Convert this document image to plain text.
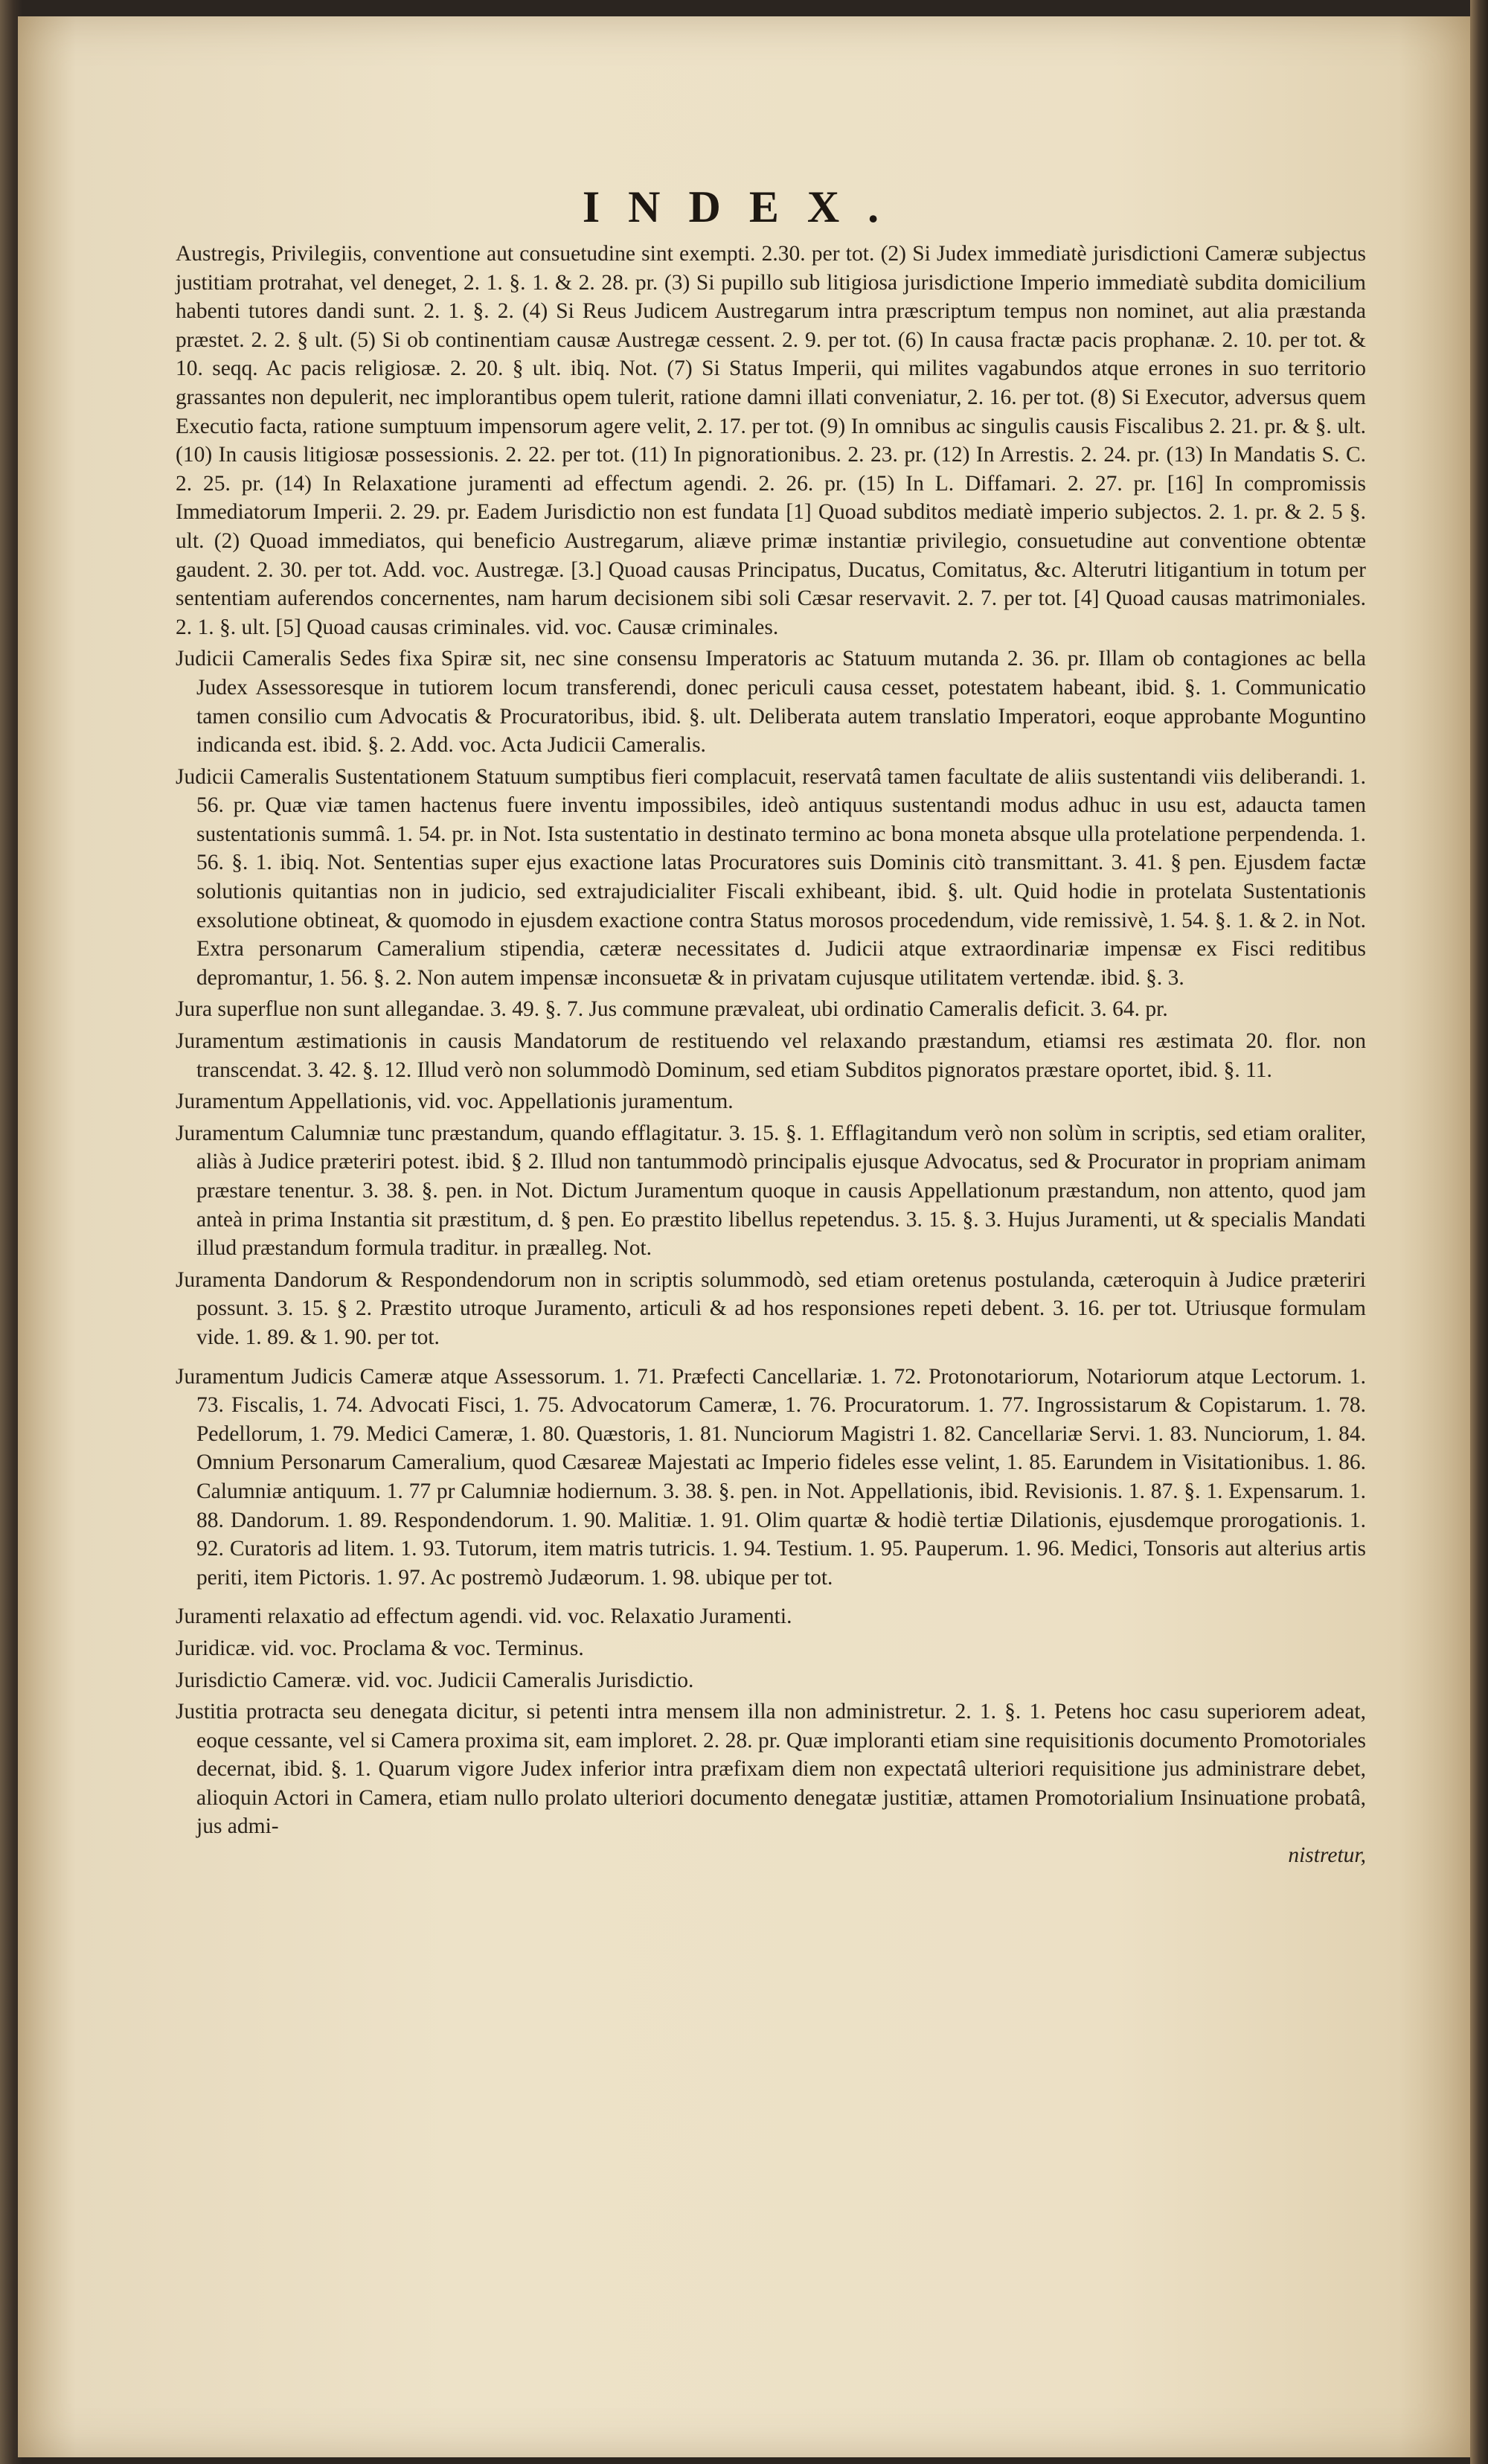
INDEX.

Austregis, Privilegiis, conventione aut consuetudine sint exempti. 2.30. per tot. (2) Si Judex immediatè jurisdictioni Cameræ subjectus justitiam protrahat, vel deneget, 2. 1. §. 1. & 2. 28. pr. (3) Si pupillo sub litigiosa jurisdictione Imperio immediatè subdita domicilium habenti tutores dandi sunt. 2. 1. §. 2. (4) Si Reus Judicem Austregarum intra præscriptum tempus non nominet, aut alia præstanda præstet. 2. 2. § ult. (5) Si ob continentiam causæ Austregæ cessent. 2. 9. per tot. (6) In causa fractæ pacis prophanæ. 2. 10. per tot. & 10. seqq. Ac pacis religiosæ. 2. 20. § ult. ibiq. Not. (7) Si Status Imperii, qui milites vagabundos atque errones in suo territorio grassantes non depulerit, nec implorantibus opem tulerit, ratione damni illati conveniatur, 2. 16. per tot. (8) Si Executor, adversus quem Executio facta, ratione sumptuum impensorum agere velit, 2. 17. per tot. (9) In omnibus ac singulis causis Fiscalibus 2. 21. pr. & §. ult. (10) In causis litigiosæ possessionis. 2. 22. per tot. (11) In pignorationibus. 2. 23. pr. (12) In Arrestis. 2. 24. pr. (13) In Mandatis S. C. 2. 25. pr. (14) In Relaxatione juramenti ad effectum agendi. 2. 26. pr. (15) In L. Diffamari. 2. 27. pr. [16] In compromissis Immediatorum Imperii. 2. 29. pr. Eadem Jurisdictio non est fundata [1] Quoad subditos mediatè imperio subjectos. 2. 1. pr. & 2. 5 §. ult. (2) Quoad immediatos, qui beneficio Austregarum, aliæve primæ instantiæ privilegio, consuetudine aut conventione obtentæ gaudent. 2. 30. per tot. Add. voc. Austregæ. [3.] Quoad causas Principatus, Ducatus, Comitatus, &c. Alterutri litigantium in totum per sententiam auferendos concernentes, nam harum decisionem sibi soli Cæsar reservavit. 2. 7. per tot. [4] Quoad causas matrimoniales. 2. 1. §. ult. [5] Quoad causas criminales. vid. voc. Causæ criminales.

Judicii Cameralis Sedes fixa Spiræ sit, nec sine consensu Imperatoris ac Statuum mutanda 2. 36. pr. Illam ob contagiones ac bella Judex Assessoresque in tutiorem locum transferendi, donec periculi causa cesset, potestatem habeant, ibid. §. 1. Communicatio tamen consilio cum Advocatis & Procuratoribus, ibid. §. ult. Deliberata autem translatio Imperatori, eoque approbante Moguntino indicanda est. ibid. §. 2. Add. voc. Acta Judicii Cameralis.

Judicii Cameralis Sustentationem Statuum sumptibus fieri complacuit, reservatâ tamen facultate de aliis sustentandi viis deliberandi. 1. 56. pr. Quæ viæ tamen hactenus fuere inventu impossibiles, ideò antiquus sustentandi modus adhuc in usu est, adaucta tamen sustentationis summâ. 1. 54. pr. in Not. Ista sustentatio in destinato termino ac bona moneta absque ulla protelatione perpendenda. 1. 56. §. 1. ibiq. Not. Sententias super ejus exactione latas Procuratores suis Dominis citò transmittant. 3. 41. § pen. Ejusdem factæ solutionis quitantias non in judicio, sed extrajudicialiter Fiscali exhibeant, ibid. §. ult. Quid hodie in protelata Sustentationis exsolutione obtineat, & quomodo in ejusdem exactione contra Status morosos procedendum, vide remissivè, 1. 54. §. 1. & 2. in Not. Extra personarum Cameralium stipendia, cæteræ necessitates d. Judicii atque extraordinariæ impensæ ex Fisci reditibus depromantur, 1. 56. §. 2. Non autem impensæ inconsuetæ & in privatam cujusque utilitatem vertendæ. ibid. §. 3.

Jura superflue non sunt allegandae. 3. 49. §. 7. Jus commune prævaleat, ubi ordinatio Cameralis deficit. 3. 64. pr.

Juramentum æstimationis in causis Mandatorum de restituendo vel relaxando præstandum, etiamsi res æstimata 20. flor. non transcendat. 3. 42. §. 12. Illud verò non solummodò Dominum, sed etiam Subditos pignoratos præstare oportet, ibid. §. 11.

Juramentum Appellationis, vid. voc. Appellationis juramentum.

Juramentum Calumniæ tunc præstandum, quando efflagitatur. 3. 15. §. 1. Efflagitandum verò non solùm in scriptis, sed etiam oraliter, aliàs à Judice præteriri potest. ibid. § 2. Illud non tantummodò principalis ejusque Advocatus, sed & Procurator in propriam animam præstare tenentur. 3. 38. §. pen. in Not. Dictum Juramentum quoque in causis Appellationum præstandum, non attento, quod jam anteà in prima Instantia sit præstitum, d. § pen. Eo præstito libellus repetendus. 3. 15. §. 3. Hujus Juramenti, ut & specialis Mandati illud præstandum formula traditur. in præalleg. Not.

Juramenta Dandorum & Respondendorum non in scriptis solummodò, sed etiam oretenus postulanda, cæteroquin à Judice præteriri possunt. 3. 15. § 2. Præstito utroque Juramento, articuli & ad hos responsiones repeti debent. 3. 16. per tot. Utriusque formulam vide. 1. 89. & 1. 90. per tot.

Juramentum Judicis Cameræ atque Assessorum. 1. 71. Præfecti Cancellariæ. 1. 72. Protonotariorum, Notariorum atque Lectorum. 1. 73. Fiscalis, 1. 74. Advocati Fisci, 1. 75. Advocatorum Cameræ, 1. 76. Procuratorum. 1. 77. Ingrossistarum & Copistarum. 1. 78. Pedellorum, 1. 79. Medici Cameræ, 1. 80. Quæstoris, 1. 81. Nunciorum Magistri 1. 82. Cancellariæ Servi. 1. 83. Nunciorum, 1. 84. Omnium Personarum Cameralium, quod Cæsareæ Majestati ac Imperio fideles esse velint, 1. 85. Earundem in Visitationibus. 1. 86. Calumniæ antiquum. 1. 77 pr Calumniæ hodiernum. 3. 38. §. pen. in Not. Appellationis, ibid. Revisionis. 1. 87. §. 1. Expensarum. 1. 88. Dandorum. 1. 89. Respondendorum. 1. 90. Malitiæ. 1. 91. Olim quartæ & hodiè tertiæ Dilationis, ejusdemque prorogationis. 1. 92. Curatoris ad litem. 1. 93. Tutorum, item matris tutricis. 1. 94. Testium. 1. 95. Pauperum. 1. 96. Medici, Tonsoris aut alterius artis periti, item Pictoris. 1. 97. Ac postremò Judæorum. 1. 98. ubique per tot.

Juramenti relaxatio ad effectum agendi. vid. voc. Relaxatio Juramenti.

Juridicæ. vid. voc. Proclama & voc. Terminus.

Jurisdictio Cameræ. vid. voc. Judicii Cameralis Jurisdictio.

Justitia protracta seu denegata dicitur, si petenti intra mensem illa non administretur. 2. 1. §. 1. Petens hoc casu superiorem adeat, eoque cessante, vel si Camera proxima sit, eam imploret. 2. 28. pr. Quæ imploranti etiam sine requisitionis documento Promotoriales decernat, ibid. §. 1. Quarum vigore Judex inferior intra præfixam diem non expectatâ ulteriori requisitione jus administrare debet, alioquin Actori in Camera, etiam nullo prolato ulteriori documento denegatæ justitiæ, attamen Promotorialium Insinuatione probatâ, jus admi-

nistretur,
